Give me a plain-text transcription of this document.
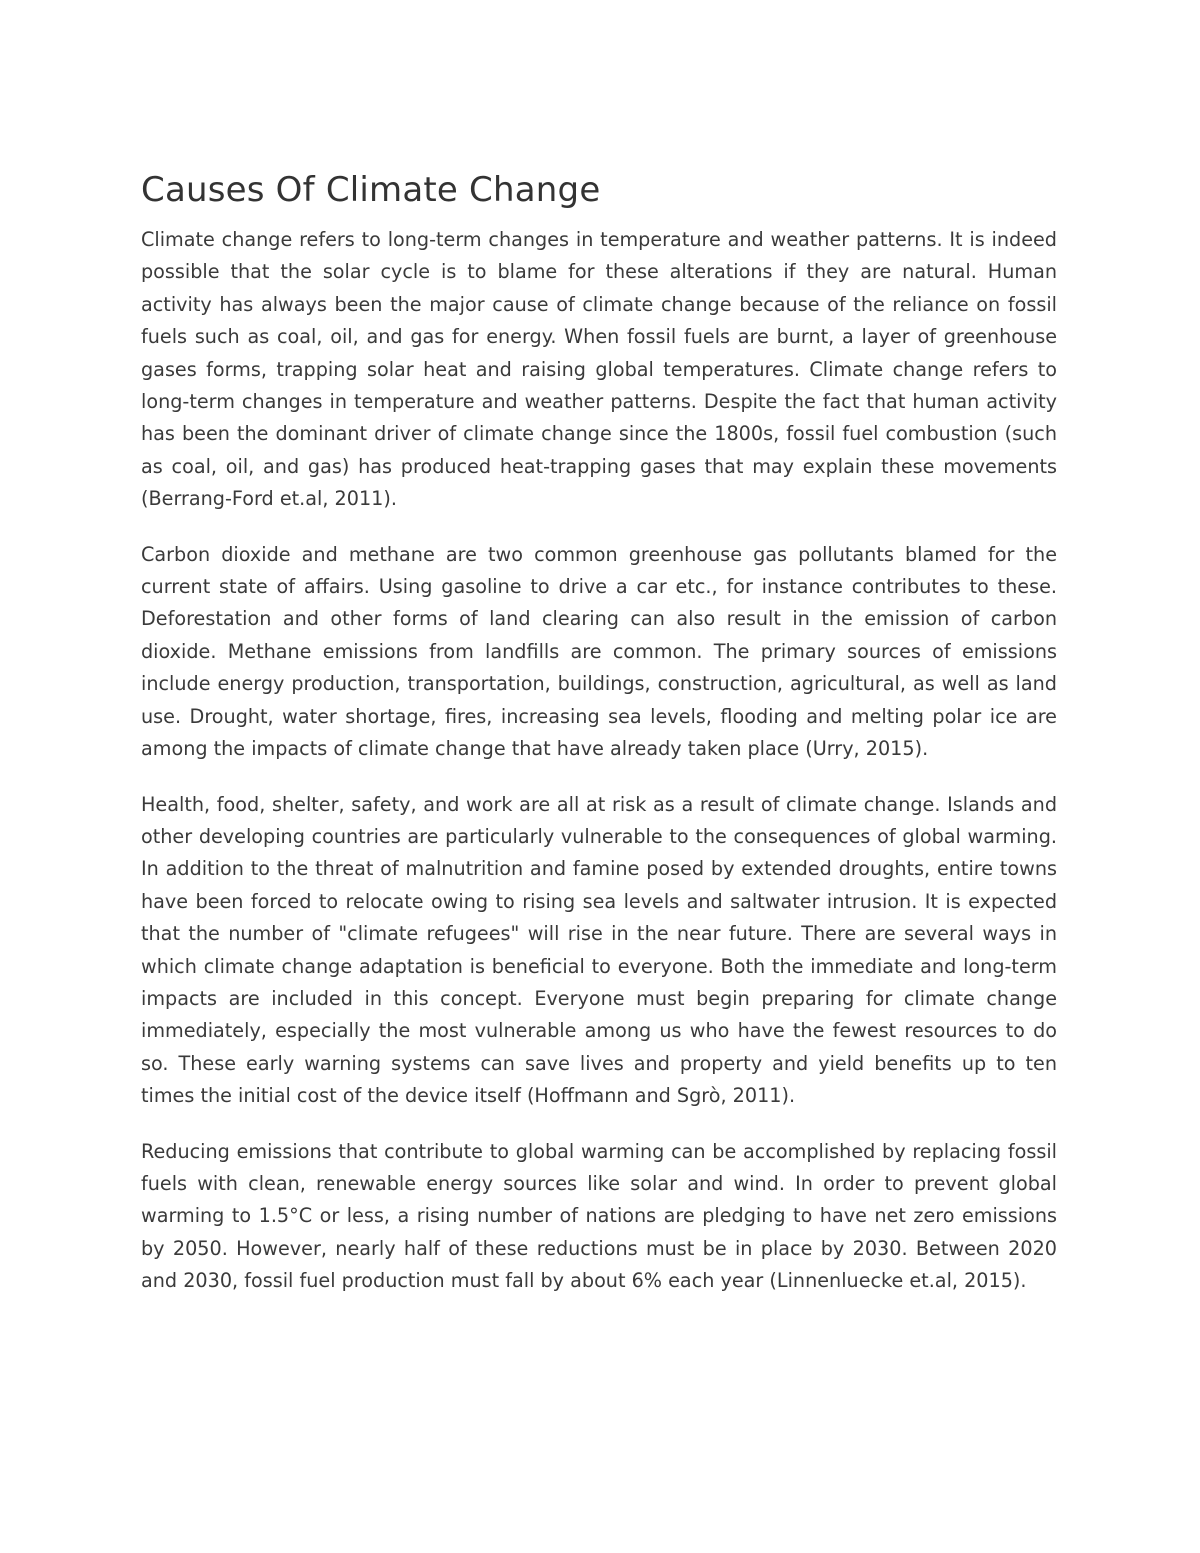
Causes Of Climate Change

Climate change refers to long-term changes in temperature and weather patterns. It is indeed possible that the solar cycle is to blame for these alterations if they are natural. Human activity has always been the major cause of climate change because of the reliance on fossil fuels such as coal, oil, and gas for energy. When fossil fuels are burnt, a layer of greenhouse gases forms, trapping solar heat and raising global temperatures. Climate change refers to long-term changes in temperature and weather patterns. Despite the fact that human activity has been the dominant driver of climate change since the 1800s, fossil fuel combustion (such as coal, oil, and gas) has produced heat-trapping gases that may explain these movements (Berrang-Ford et.al, 2011).

Carbon dioxide and methane are two common greenhouse gas pollutants blamed for the current state of affairs. Using gasoline to drive a car etc., for instance contributes to these. Deforestation and other forms of land clearing can also result in the emission of carbon dioxide. Methane emissions from landfills are common. The primary sources of emissions include energy production, transportation, buildings, construction, agricultural, as well as land use. Drought, water shortage, fires, increasing sea levels, flooding and melting polar ice are among the impacts of climate change that have already taken place (Urry, 2015).

Health, food, shelter, safety, and work are all at risk as a result of climate change. Islands and other developing countries are particularly vulnerable to the consequences of global warming. In addition to the threat of malnutrition and famine posed by extended droughts, entire towns have been forced to relocate owing to rising sea levels and saltwater intrusion. It is expected that the number of "climate refugees" will rise in the near future. There are several ways in which climate change adaptation is beneficial to everyone. Both the immediate and long-term impacts are included in this concept. Everyone must begin preparing for climate change immediately, especially the most vulnerable among us who have the fewest resources to do so. These early warning systems can save lives and property and yield benefits up to ten times the initial cost of the device itself (Hoffmann and Sgrò, 2011).

Reducing emissions that contribute to global warming can be accomplished by replacing fossil fuels with clean, renewable energy sources like solar and wind. In order to prevent global warming to 1.5°C or less, a rising number of nations are pledging to have net zero emissions by 2050. However, nearly half of these reductions must be in place by 2030. Between 2020 and 2030, fossil fuel production must fall by about 6% each year (Linnenluecke et.al, 2015).
